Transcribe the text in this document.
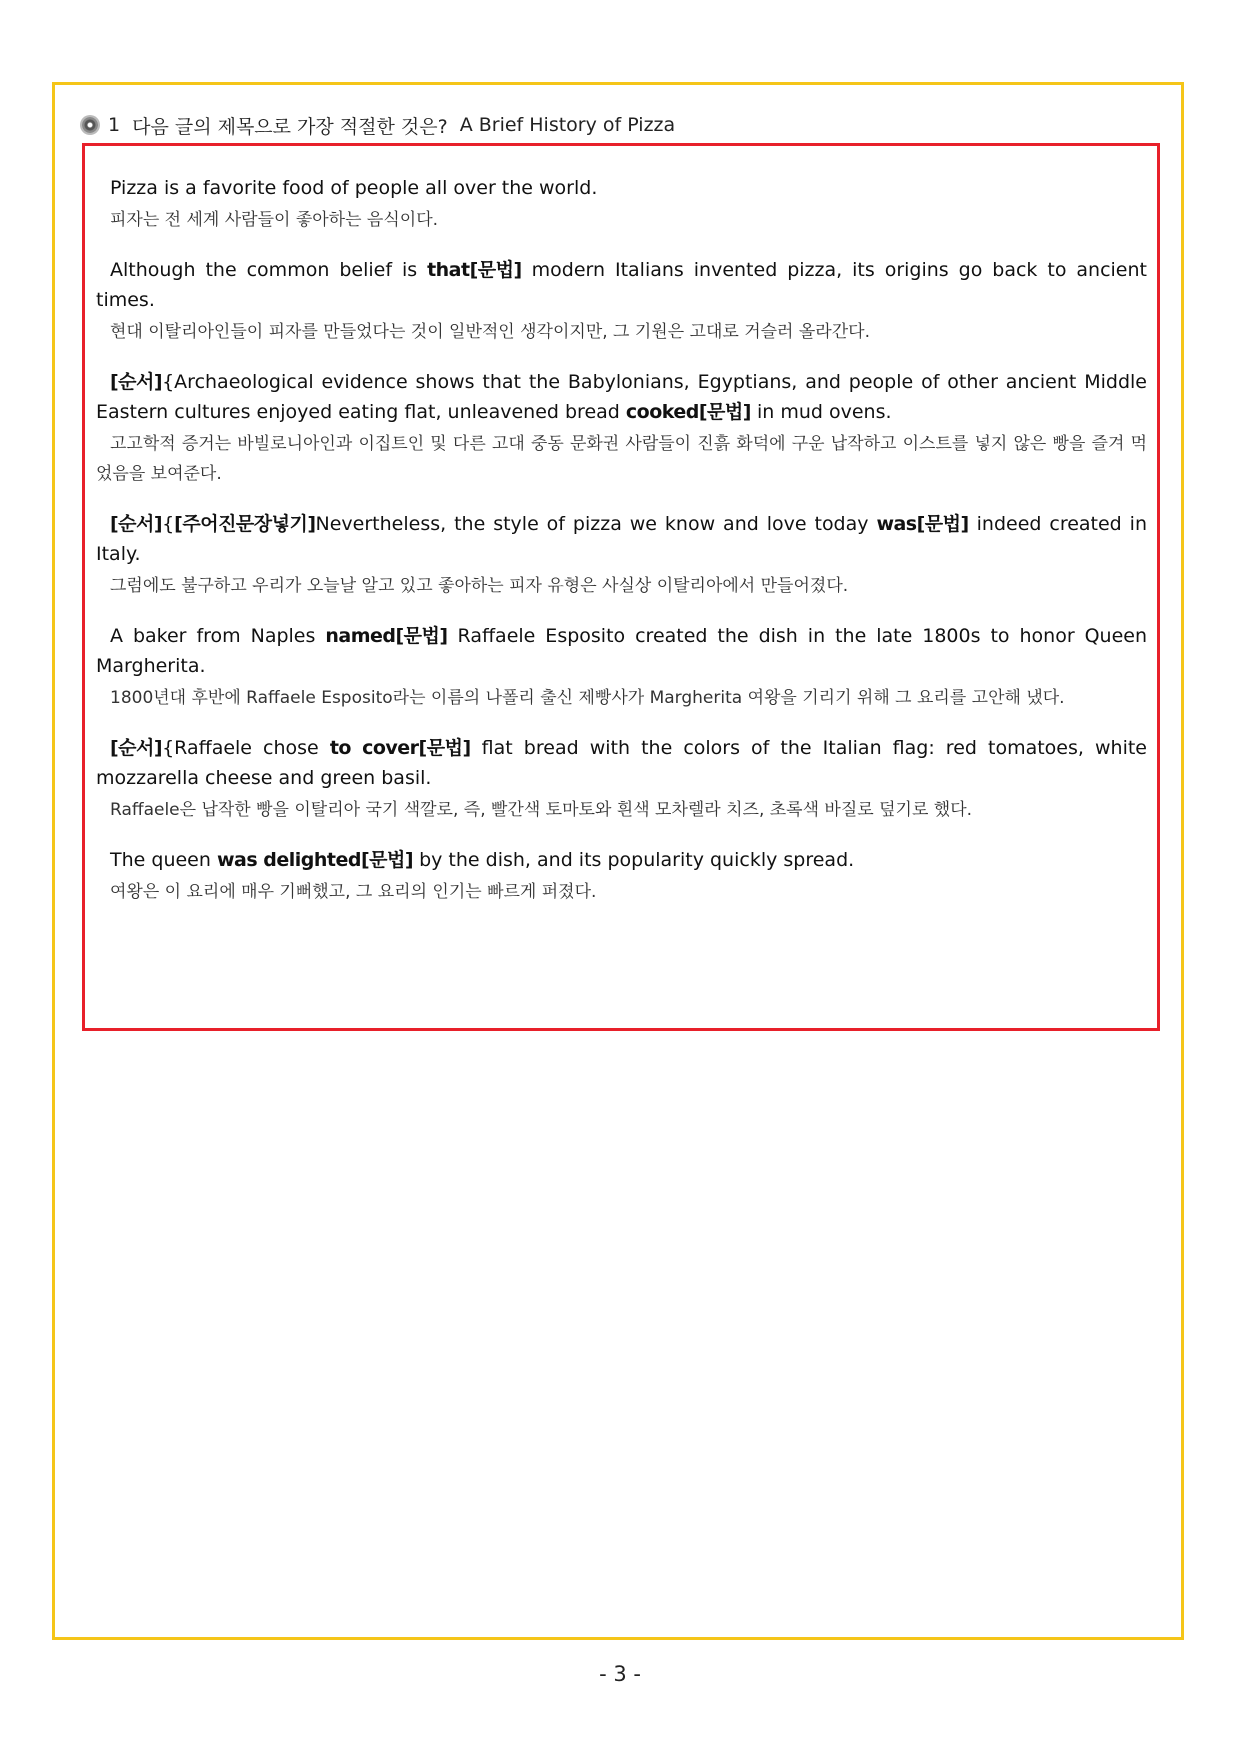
1 다음 글의 제목으로 가장 적절한 것은? A Brief History of Pizza
Pizza is a favorite food of people all over the world.
피자는 전 세계 사람들이 좋아하는 음식이다.
Although the common belief is that[문법] modern Italians invented pizza, its origins go back to ancient times.
현대 이탈리아인들이 피자를 만들었다는 것이 일반적인 생각이지만, 그 기원은 고대로 거슬러 올라간다.
[순서]{Archaeological evidence shows that the Babylonians, Egyptians, and people of other ancient Middle Eastern cultures enjoyed eating flat, unleavened bread cooked[문법] in mud ovens.
고고학적 증거는 바빌로니아인과 이집트인 및 다른 고대 중동 문화권 사람들이 진흙 화덕에 구운 납작하고 이스트를 넣지 않은 빵을 즐겨 먹었음을 보여준다.
[순서]{[주어진문장넣기]Nevertheless, the style of pizza we know and love today was[문법] indeed created in Italy.
그럼에도 불구하고 우리가 오늘날 알고 있고 좋아하는 피자 유형은 사실상 이탈리아에서 만들어졌다.
A baker from Naples named[문법] Raffaele Esposito created the dish in the late 1800s to honor Queen Margherita.
1800년대 후반에 Raffaele Esposito라는 이름의 나폴리 출신 제빵사가 Margherita 여왕을 기리기 위해 그 요리를 고안해 냈다.
[순서]{Raffaele chose to cover[문법] flat bread with the colors of the Italian flag: red tomatoes, white mozzarella cheese and green basil.
Raffaele은 납작한 빵을 이탈리아 국기 색깔로, 즉, 빨간색 토마토와 흰색 모차렐라 치즈, 초록색 바질로 덮기로 했다.
The queen was delighted[문법] by the dish, and its popularity quickly spread.
여왕은 이 요리에 매우 기뻐했고, 그 요리의 인기는 빠르게 퍼졌다.
- 3 -
